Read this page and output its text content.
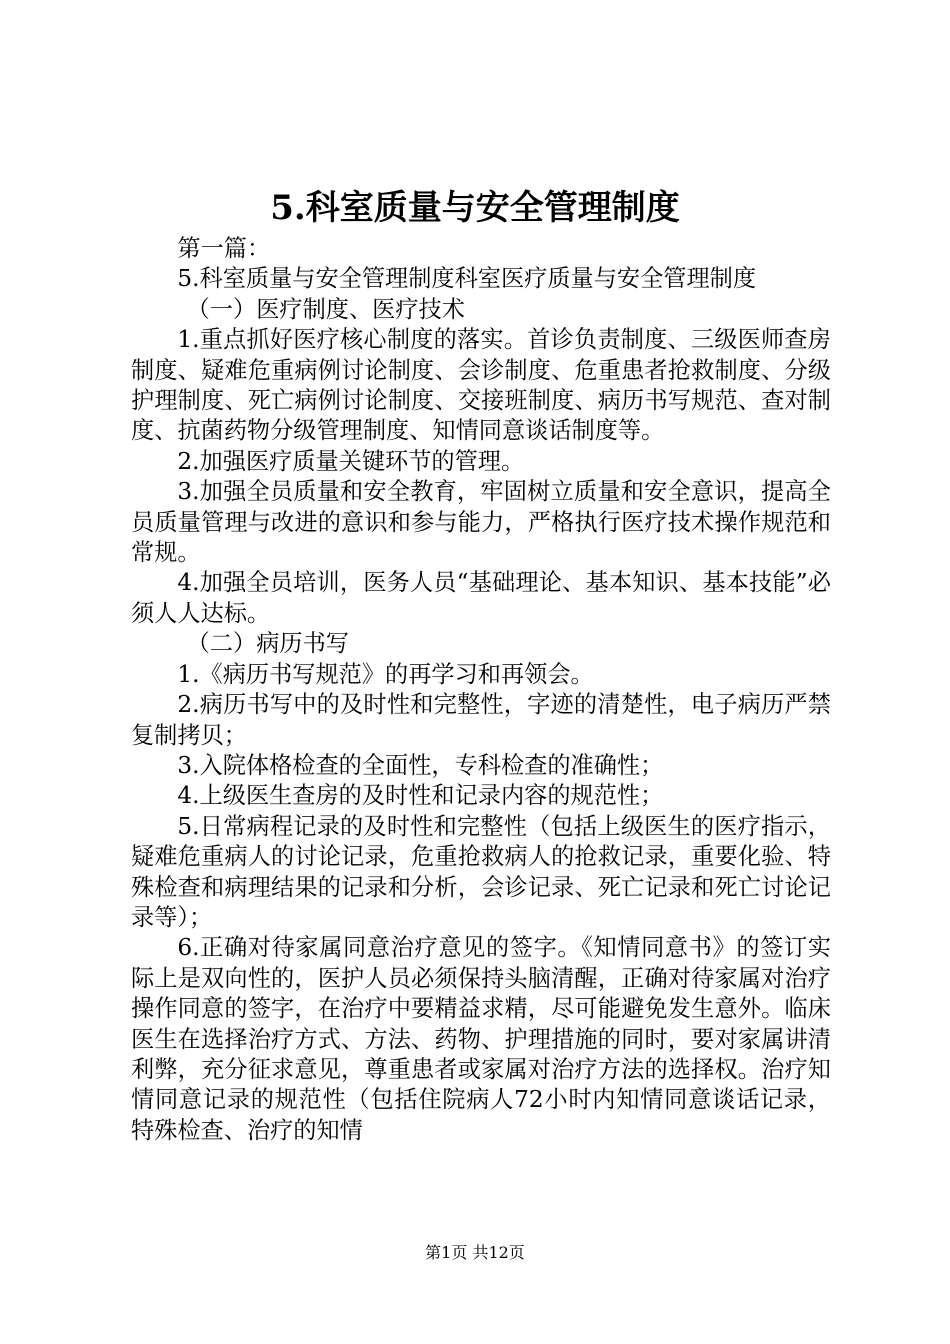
5.科室质量与安全管理制度

第一篇：

5.科室质量与安全管理制度科室医疗质量与安全管理制度

（一）医疗制度、医疗技术

1.重点抓好医疗核心制度的落实。首诊负责制度、三级医师查房制度、疑难危重病例讨论制度、会诊制度、危重患者抢救制度、分级护理制度、死亡病例讨论制度、交接班制度、病历书写规范、查对制度、抗菌药物分级管理制度、知情同意谈话制度等。

2.加强医疗质量关键环节的管理。

3.加强全员质量和安全教育，牢固树立质量和安全意识，提高全员质量管理与改进的意识和参与能力，严格执行医疗技术操作规范和常规。

4.加强全员培训，医务人员“基础理论、基本知识、基本技能”必须人人达标。

（二）病历书写

1.《病历书写规范》的再学习和再领会。

2.病历书写中的及时性和完整性，字迹的清楚性，电子病历严禁复制拷贝；

3.入院体格检查的全面性，专科检查的准确性；

4.上级医生查房的及时性和记录内容的规范性；

5.日常病程记录的及时性和完整性（包括上级医生的医疗指示，疑难危重病人的讨论记录，危重抢救病人的抢救记录，重要化验、特殊检查和病理结果的记录和分析，会诊记录、死亡记录和死亡讨论记录等）；

6.正确对待家属同意治疗意见的签字。《知情同意书》的签订实际上是双向性的，医护人员必须保持头脑清醒，正确对待家属对治疗操作同意的签字，在治疗中要精益求精，尽可能避免发生意外。临床医生在选择治疗方式、方法、药物、护理措施的同时，要对家属讲清利弊，充分征求意见，尊重患者或家属对治疗方法的选择权。治疗知情同意记录的规范性（包括住院病人72小时内知情同意谈话记录，特殊检查、治疗的知情

第1页 共12页
